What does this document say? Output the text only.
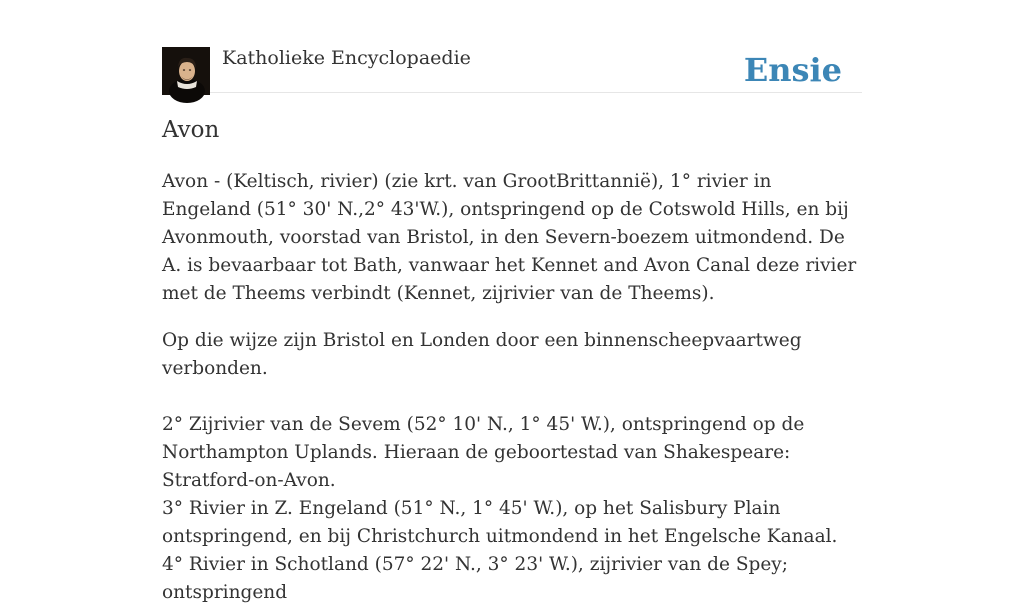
Katholieke Encyclopaedie	Ensie
Avon

Avon - (Keltisch, rivier) (zie krt. van GrootBrittannië), 1° rivier in Engeland (51° 30' N.,2° 43'W.), ontspringend op de Cotswold Hills, en bij Avonmouth, voorstad van Bristol, in den Severn-boezem uitmondend. De A. is bevaarbaar tot Bath, vanwaar het Kennet and Avon Canal deze rivier met de Theems verbindt (Kennet, zijrivier van de Theems).

Op die wijze zijn Bristol en Londen door een binnenscheepvaartweg verbonden.

2° Zijrivier van de Sevem (52° 10' N., 1° 45' W.), ontspringend op de Northampton Uplands. Hieraan de geboortestad van Shakespeare: Stratford-on-Avon.

3° Rivier in Z. Engeland (51° N., 1° 45' W.), op het Salisbury Plain ontspringend, en bij Christchurch uitmondend in het Engelsche Kanaal.

4° Rivier in Schotland (57° 22' N., 3° 23' W.), zijrivier van de Spey; ontspringend
